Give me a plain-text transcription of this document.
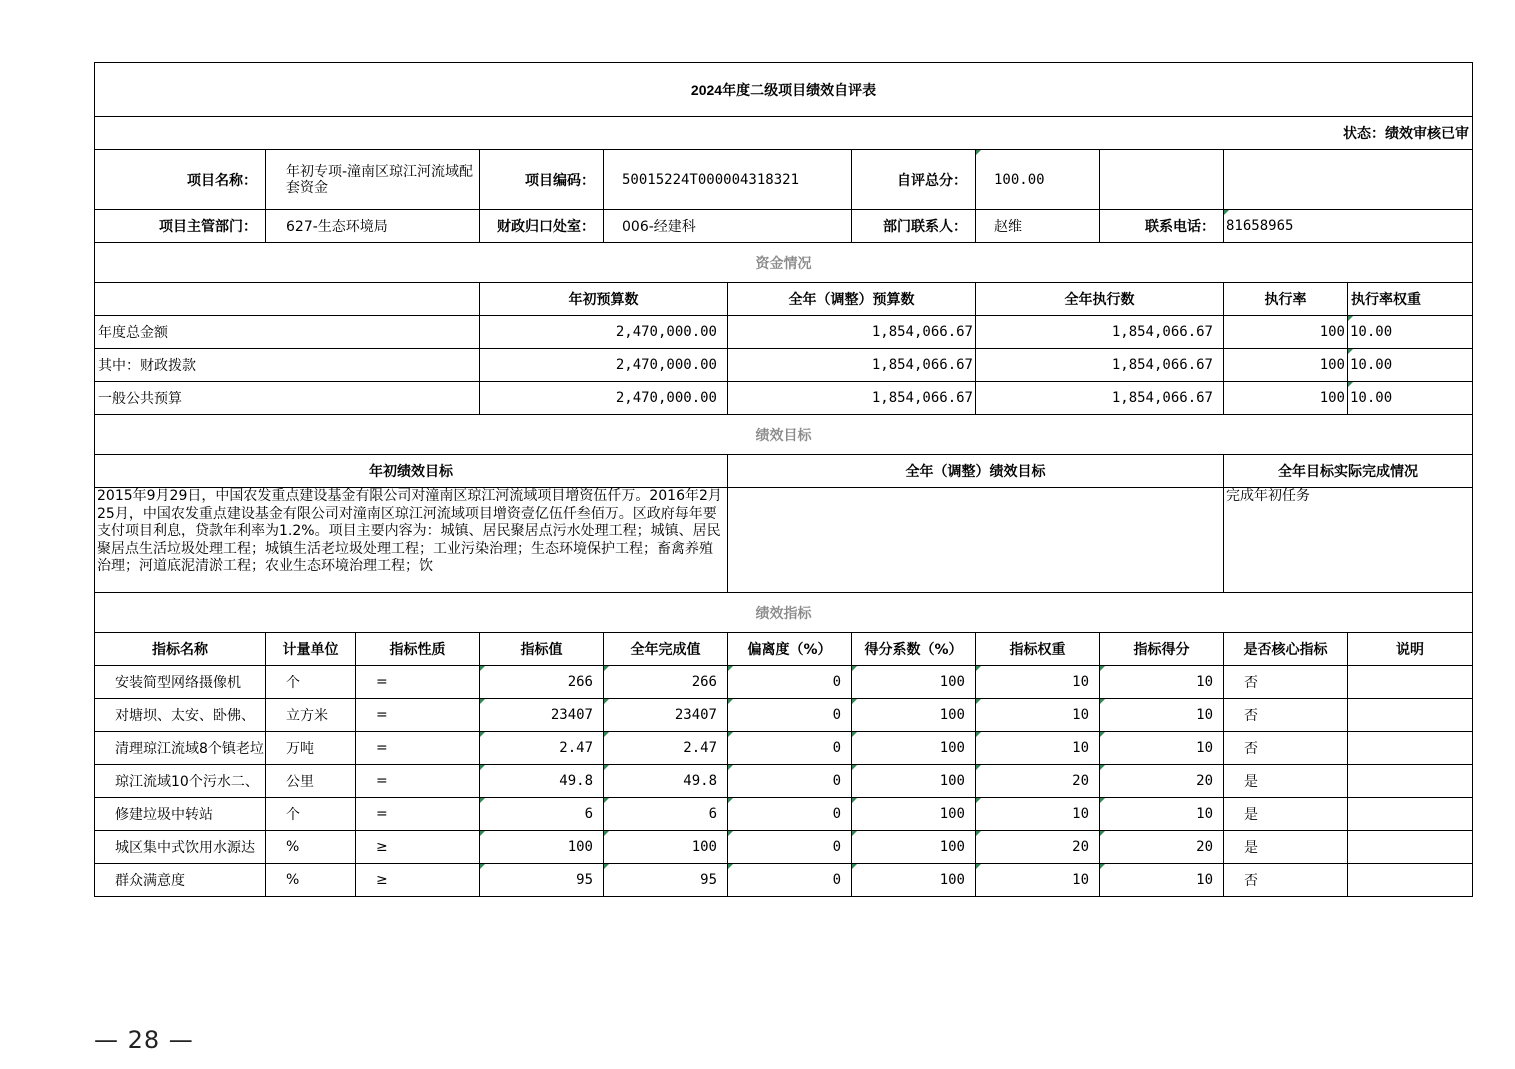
2024年度二级项目绩效自评表											
状态：绩效审核已审											
项目名称：	年初专项-潼南区琼江河流域配套资金		项目编码：	50015224T000004318321		自评总分：	100.00				
项目主管部门：	627-生态环境局		财政归口处室：	006-经建科		部门联系人：	赵维	联系电话：	81658965		
资金情况											
			年初预算数		全年（调整）预算数		全年执行数		执行率	执行率权重	
年度总金额			2,470,000.00		1,854,066.67		1,854,066.67		100	10.00	
其中：财政拨款			2,470,000.00		1,854,066.67		1,854,066.67		100	10.00	
一般公共预算			2,470,000.00		1,854,066.67		1,854,066.67		100	10.00	
绩效目标											
年初绩效目标					全年（调整）绩效目标				全年目标实际完成情况		

2015年9月29日，中国农发重点建设基金有限公司对潼南区琼江河流域项目增资伍仟万。2016年2月25月，中国农发重点建设基金有限公司对潼南区琼江河流域项目增资壹亿伍仟叁佰万。区政府每年要支付项目利息，贷款年利率为1.2%。项目主要内容为：城镇、居民聚居点污水处理工程；城镇、居民聚居点生活垃圾处理工程；城镇生活老垃圾处理工程；工业污染治理；生态环境保护工程；畜禽养殖治理；河道底泥清淤工程；农业生态环境治理工程；饮									完成年初任务		
绩效指标											
指标名称	计量单位	指标性质	指标值	全年完成值	偏离度（%）	得分系数（%）	指标权重	指标得分	是否核心指标	说明	
安装简型网络摄像机	个	=	266	266	0	100	10	10	否		
对塘坝、太安、卧佛、	立方米	=	23407	23407	0	100	10	10	否		
清理琼江流域8个镇老垃	万吨	=	2.47	2.47	0	100	10	10	否		
琼江流域10个污水二、	公里	=	49.8	49.8	0	100	20	20	是		
修建垃圾中转站	个	=	6	6	0	100	10	10	是		
城区集中式饮用水源达	%	≥	100	100	0	100	20	20	是		
群众满意度	%	≥	95	95	0	100	10	10	否		
— 28 —
